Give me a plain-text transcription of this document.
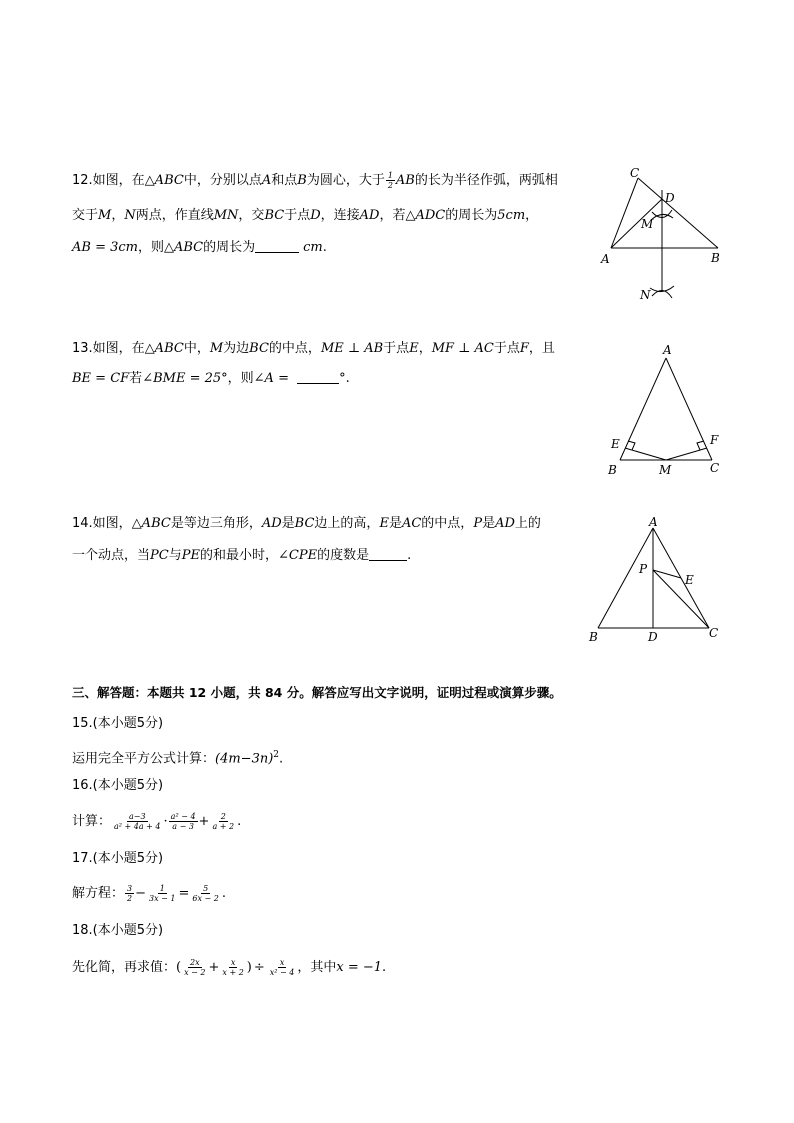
12.如图，在△ABC中，分别以点A和点B为圆心，大于 $\frac{1}{2}$ AB的长为半径作弧，两弧相
交于M，N两点，作直线MN，交BC于点D，连接AD，若△ADC的周长为5cm，
AB = 3cm，则△ABC的周长为	cm.
C
D
M
A	B
N
13.如图，在△ABC中，M为边BC的中点，ME ⊥ AB于点E，MF ⊥ AC于点F，且
BE = CF若∠BME = 25°，则∠A =	°.
A
E	F
B	M	C
14.如图，△ABC是等边三角形，AD是BC边上的高，E是AC的中点，P是AD上的
一个动点，当PC与PE的和最小时，∠CPE的度数是	.
A
P
E
B	D	C
三、解答题：本题共 12 小题，共 84 分。解答应写出文字说明，证明过程或演算步骤。
15.(本小题5分)
运用完全平方公式计算：$(4m-3n)^2$.
16.(本小题5分)
计算： $\frac{a-3}{\text{a² + 4a + 4}} \cdot \frac{\text{a² − 4}}{a - 3} + \frac{2}{a + 2}$ .
17.(本小题5分)
解方程： $\frac{3}{2} - \frac{1}{3x - 1} = \frac{5}{6x - 2}$ .
18.(本小题5分)
先化简，再求值：( $\frac{2x}{x - 2} + \frac{x}{x + 2}$ ) ÷ $\frac{x}{\text{x² − 4}}$ ，其中x = −1.
